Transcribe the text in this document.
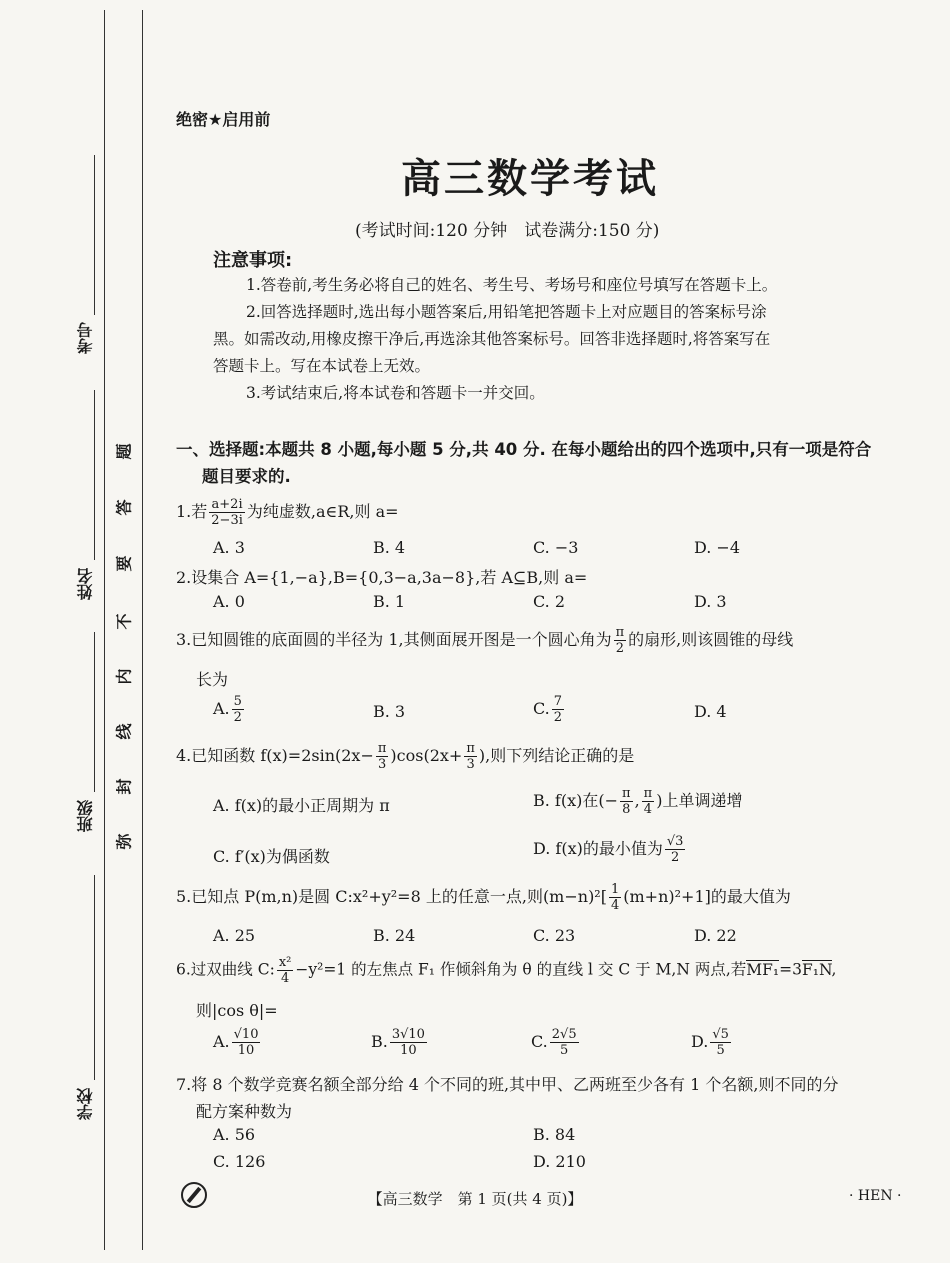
考号
姓名
班级
学校
弥
封
线
内
不
要
答
题
绝密★启用前
高三数学考试
(考试时间:120 分钟　试卷满分:150 分)
注意事项:
1.答卷前,考生务必将自己的姓名、考生号、考场号和座位号填写在答题卡上。
2.回答选择题时,选出每小题答案后,用铅笔把答题卡上对应题目的答案标号涂
黑。如需改动,用橡皮擦干净后,再选涂其他答案标号。回答非选择题时,将答案写在
答题卡上。写在本试卷上无效。
3.考试结束后,将本试卷和答题卡一并交回。
一、选择题:本题共 8 小题,每小题 5 分,共 40 分. 在每小题给出的四个选项中,只有一项是符合
题目要求的.
1.若 $\frac{a+2i}{2-3i}$ 为纯虚数,a∈R,则 a=
A. 3	B. 4	C. −3	D. −4
2.设集合 A={1,−a},B={0,3−a,3a−8},若 A⊆B,则 a=
A. 0	B. 1	C. 2	D. 3
3.已知圆锥的底面圆的半径为 1,其侧面展开图是一个圆心角为 $\frac{\pi}{2}$ 的扇形,则该圆锥的母线
长为
A. $\frac{5}{2}$	B. 3	C. $\frac{7}{2}$	D. 4
4.已知函数 $f(x)=2\sin(2x- \frac{\pi}{3} )\cos(2x+ \frac{\pi}{3}$ ),则下列结论正确的是
A. f(x)的最小正周期为 π	B. f(x)在(− $\frac{\pi}{8}$ , $\frac{\pi}{4}$ )上单调递增
C. f′(x)为偶函数	D. f(x)的最小值为 $\frac{√3}{2}$
5.已知点 P(m,n)是圆 C:x²+y²=8 上的任意一点,则$(m-n)^2[ \frac{1}{4} (m+n)^2+1]$的最大值为
A. 25	B. 24	C. 23	D. 22
6.过双曲线 C: $\frac{\text{x²}}{4} -y^2=1$ 的左焦点 F₁ 作倾斜角为 θ 的直线 l 交 C 于 M,N 两点,若MF₁=3F₁N,
则|cos θ|=
A. $\frac{√10}{10}$	B. $\frac{3√10}{10}$	C. $\frac{2√5}{5}$	D. $\frac{√5}{5}$
7.将 8 个数学竞赛名额全部分给 4 个不同的班,其中甲、乙两班至少各有 1 个名额,则不同的分
配方案种数为
A. 56	B. 84
C. 126	D. 210
【高三数学　第 1 页(共 4 页)】	· HEN ·
